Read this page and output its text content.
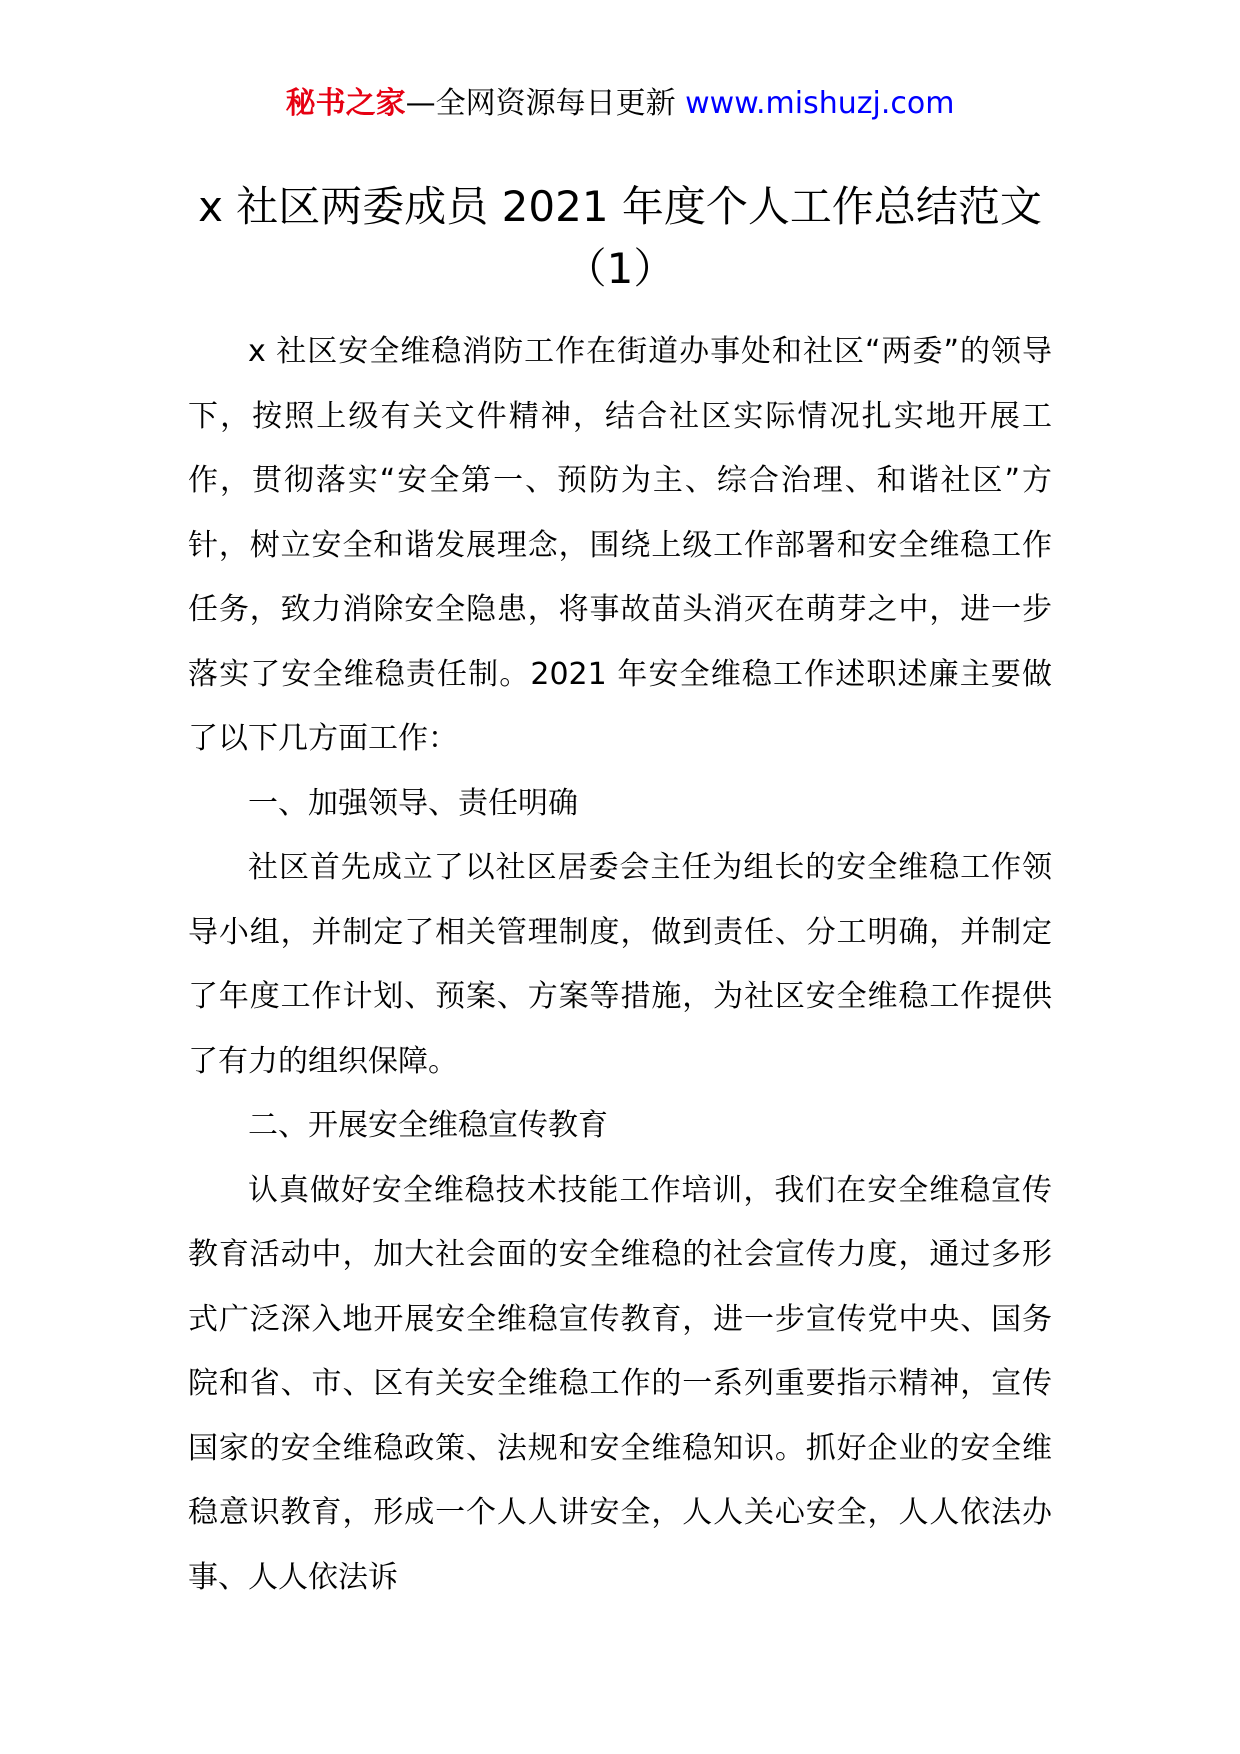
秘书之家—全网资源每日更新 www.mishuzj.com
x 社区两委成员 2021 年度个人工作总结范文（1）

x 社区安全维稳消防工作在街道办事处和社区“两委”的领导下，按照上级有关文件精神，结合社区实际情况扎实地开展工作，贯彻落实“安全第一、预防为主、综合治理、和谐社区”方针，树立安全和谐发展理念，围绕上级工作部署和安全维稳工作任务，致力消除安全隐患，将事故苗头消灭在萌芽之中，进一步落实了安全维稳责任制。2021 年安全维稳工作述职述廉主要做了以下几方面工作：

一、加强领导、责任明确

社区首先成立了以社区居委会主任为组长的安全维稳工作领导小组，并制定了相关管理制度，做到责任、分工明确，并制定了年度工作计划、预案、方案等措施，为社区安全维稳工作提供了有力的组织保障。

二、开展安全维稳宣传教育

认真做好安全维稳技术技能工作培训，我们在安全维稳宣传教育活动中，加大社会面的安全维稳的社会宣传力度，通过多形式广泛深入地开展安全维稳宣传教育，进一步宣传党中央、国务院和省、市、区有关安全维稳工作的一系列重要指示精神，宣传国家的安全维稳政策、法规和安全维稳知识。抓好企业的安全维稳意识教育，形成一个人人讲安全，人人关心安全，人人依法办事、人人依法诉
